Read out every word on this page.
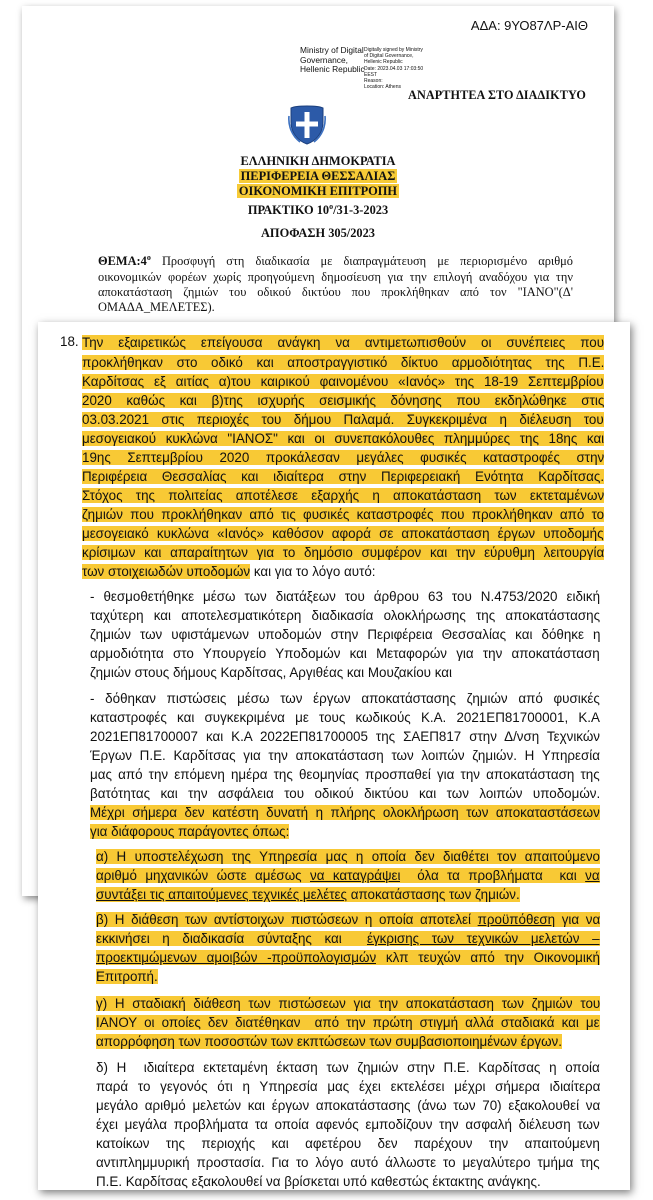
ΑΔΑ: 9ΥΟ87ΛΡ-ΑΙΘ
Ministry of Digital
Governance,
Hellenic Republic
Digitally signed by Ministry
of Digital Governance,
Hellenic Republic
Date: 2023.04.03 17:03:50
EEST
Reason:
Location: Athens
ΑΝΑΡΤΗΤΕΑ ΣΤΟ ΔΙΑΔΙΚΤΥΟ
ΕΛΛΗΝΙΚΗ ΔΗΜΟΚΡΑΤΙΑ
ΠΕΡΙΦΕΡΕΙΑ ΘΕΣΣΑΛΙΑΣ
ΟΙΚΟΝΟΜΙΚΗ ΕΠΙΤΡΟΠΗ
ΠΡΑΚΤΙΚΟ $10^o/31-3-2023$
ΑΠΟΦΑΣΗ 305/2023
$\Theta EMA:4^o$ Προσφυγή στη διαδικασία με διαπραγμάτευση με περιορισμένο αριθμό οικονομικών φορέων χωρίς προηγούμενη δημοσίευση για την επιλογή αναδόχου για την αποκατάσταση ζημιών του οδικού δικτύου που προκλήθηκαν από τον "ΙΑΝΟ"(Δ' ΟΜΑΔΑ_ΜΕΛΕΤΕΣ).
18. Την εξαιρετικώς επείγουσα ανάγκη να αντιμετωπισθούν οι συνέπειες που
προκλήθηκαν στο οδικό και αποστραγγιστικό δίκτυο αρμοδιότητας της Π.Ε.
Καρδίτσας εξ αιτίας α)του καιρικού φαινομένου «Ιανός» της 18-19 Σεπτεμβρίου
2020 καθώς και β)της ισχυρής σεισμικής δόνησης που εκδηλώθηκε στις
03.03.2021 στις περιοχές του δήμου Παλαμά. Συγκεκριμένα η διέλευση του
μεσογειακού κυκλώνα "ΙΑΝΟΣ" και οι συνεπακόλουθες πλημμύρες της 18ης και
19ης Σεπτεμβρίου 2020 προκάλεσαν μεγάλες φυσικές καταστροφές στην
Περιφέρεια Θεσσαλίας και ιδιαίτερα στην Περιφερειακή Ενότητα Καρδίτσας.
Στόχος της πολιτείας αποτέλεσε εξαρχής η αποκατάσταση των εκτεταμένων
ζημιών που προκλήθηκαν από τις φυσικές καταστροφές που προκλήθηκαν από το
μεσογειακό κυκλώνα «Ιανός» καθόσον αφορά σε αποκατάσταση έργων υποδομής
κρίσιμων και απαραίτητων για το δημόσιο συμφέρον και την εύρυθμη λειτουργία
των στοιχειωδών υποδομών και για το λόγο αυτό:
- θεσμοθετήθηκε μέσω των διατάξεων του άρθρου 63 του Ν.4753/2020 ειδική
ταχύτερη και αποτελεσματικότερη διαδικασία ολοκλήρωσης της αποκατάστασης
ζημιών των υφιστάμενων υποδομών στην Περιφέρεια Θεσσαλίας και δόθηκε η
αρμοδιότητα στο Υπουργείο Υποδομών και Μεταφορών για την αποκατάσταση
ζημιών στους δήμους Καρδίτσας, Αργιθέας και Μουζακίου και
- δόθηκαν πιστώσεις μέσω των έργων αποκατάστασης ζημιών από φυσικές
καταστροφές και συγκεκριμένα με τους κωδικούς Κ.Α. 2021ΕΠ81700001, Κ.Α
2021ΕΠ81700007 και Κ.Α 2022ΕΠ81700005 της ΣΑΕΠ817 στην Δ/νση Τεχνικών
Έργων Π.Ε. Καρδίτσας για την αποκατάσταση των λοιπών ζημιών. Η Υπηρεσία
μας από την επόμενη ημέρα της θεομηνίας προσπαθεί για την αποκατάσταση της
βατότητας και την ασφάλεια του οδικού δικτύου και των λοιπών υποδομών.
Μέχρι σήμερα δεν κατέστη δυνατή η πλήρης ολοκλήρωση των αποκαταστάσεων
για διάφορους παράγοντες όπως:
α) Η υποστελέχωση της Υπηρεσία μας η οποία δεν διαθέτει τον απαιτούμενο
αριθμό μηχανικών ώστε αμέσως να καταγράψει  όλα τα προβλήματα  και να
συντάξει τις απαιτούμενες τεχνικές μελέτες αποκατάστασης των ζημιών.
β) Η διάθεση των αντίστοιχων πιστώσεων η οποία αποτελεί προϋπόθεση για να
εκκινήσει η διαδικασία σύνταξης και  έγκρισης των τεχνικών μελετών –
προεκτιμώμενων αμοιβών -προϋπολογισμών κλπ τευχών από την Οικονομική
Επιτροπή.
γ) Η σταδιακή διάθεση των πιστώσεων για την αποκατάσταση των ζημιών του
ΙΑΝΟΥ οι οποίες δεν διατέθηκαν  από την πρώτη στιγμή αλλά σταδιακά και με
απορρόφηση των ποσοστών των εκπτώσεων των συμβασιοποιημένων έργων.
δ) Η  ιδιαίτερα εκτεταμένη έκταση των ζημιών στην Π.Ε. Καρδίτσας η οποία
παρά το γεγονός ότι η Υπηρεσία μας έχει εκτελέσει μέχρι σήμερα ιδιαίτερα
μεγάλο αριθμό μελετών και έργων αποκατάστασης (άνω των 70) εξακολουθεί να
έχει μεγάλα προβλήματα τα οποία αφενός εμποδίζουν την ασφαλή διέλευση των
κατοίκων της περιοχής και αφετέρου δεν παρέχουν την απαιτούμενη
αντιπλημμυρική προστασία. Για το λόγο αυτό άλλωστε το μεγαλύτερο τμήμα της
Π.Ε. Καρδίτσας εξακολουθεί να βρίσκεται υπό καθεστώς έκτακτης ανάγκης.
